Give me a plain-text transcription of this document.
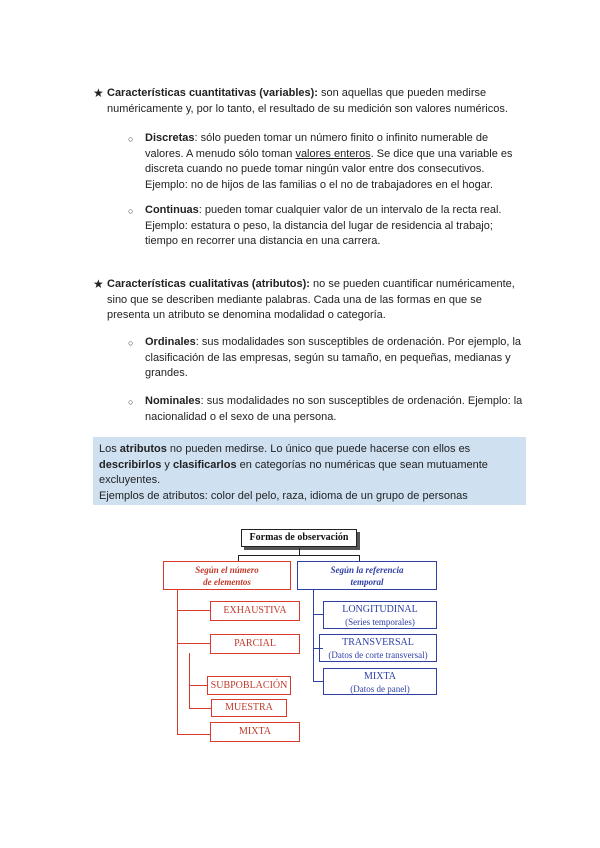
★ Características cuantitativas (variables): son aquellas que pueden medirse
numéricamente y, por lo tanto, el resultado de su medición son valores numéricos.
○ Discretas: sólo pueden tomar un número finito o infinito numerable de
valores. A menudo sólo toman valores enteros. Se dice que una variable es
discreta cuando no puede tomar ningún valor entre dos consecutivos.
Ejemplo: no de hijos de las familias o el no de trabajadores en el hogar.
○ Continuas: pueden tomar cualquier valor de un intervalo de la recta real.
Ejemplo: estatura o peso, la distancia del lugar de residencia al trabajo;
tiempo en recorrer una distancia en una carrera.
★ Características cualitativas (atributos): no se pueden cuantificar numéricamente,
sino que se describen mediante palabras. Cada una de las formas en que se
presenta un atributo se denomina modalidad o categoría.
○ Ordinales: sus modalidades son susceptibles de ordenación. Por ejemplo, la
clasificación de las empresas, según su tamaño, en pequeñas, medianas y
grandes.
○ Nominales: sus modalidades no son susceptibles de ordenación. Ejemplo: la
nacionalidad o el sexo de una persona.
Los atributos no pueden medirse. Lo único que puede hacerse con ellos es
describirlos y clasificarlos en categorías no numéricas que sean mutuamente
excluyentes.
Ejemplos de atributos: color del pelo, raza, idioma de un grupo de personas
Formas de observación
Según el número
de elementos
Según la referencia
temporal
EXHAUSTIVA
PARCIAL
SUBPOBLACIÓN
MUESTRA
MIXTA
LONGITUDINAL
(Series temporales)
TRANSVERSAL
(Datos de corte transversal)
MIXTA
(Datos de panel)
